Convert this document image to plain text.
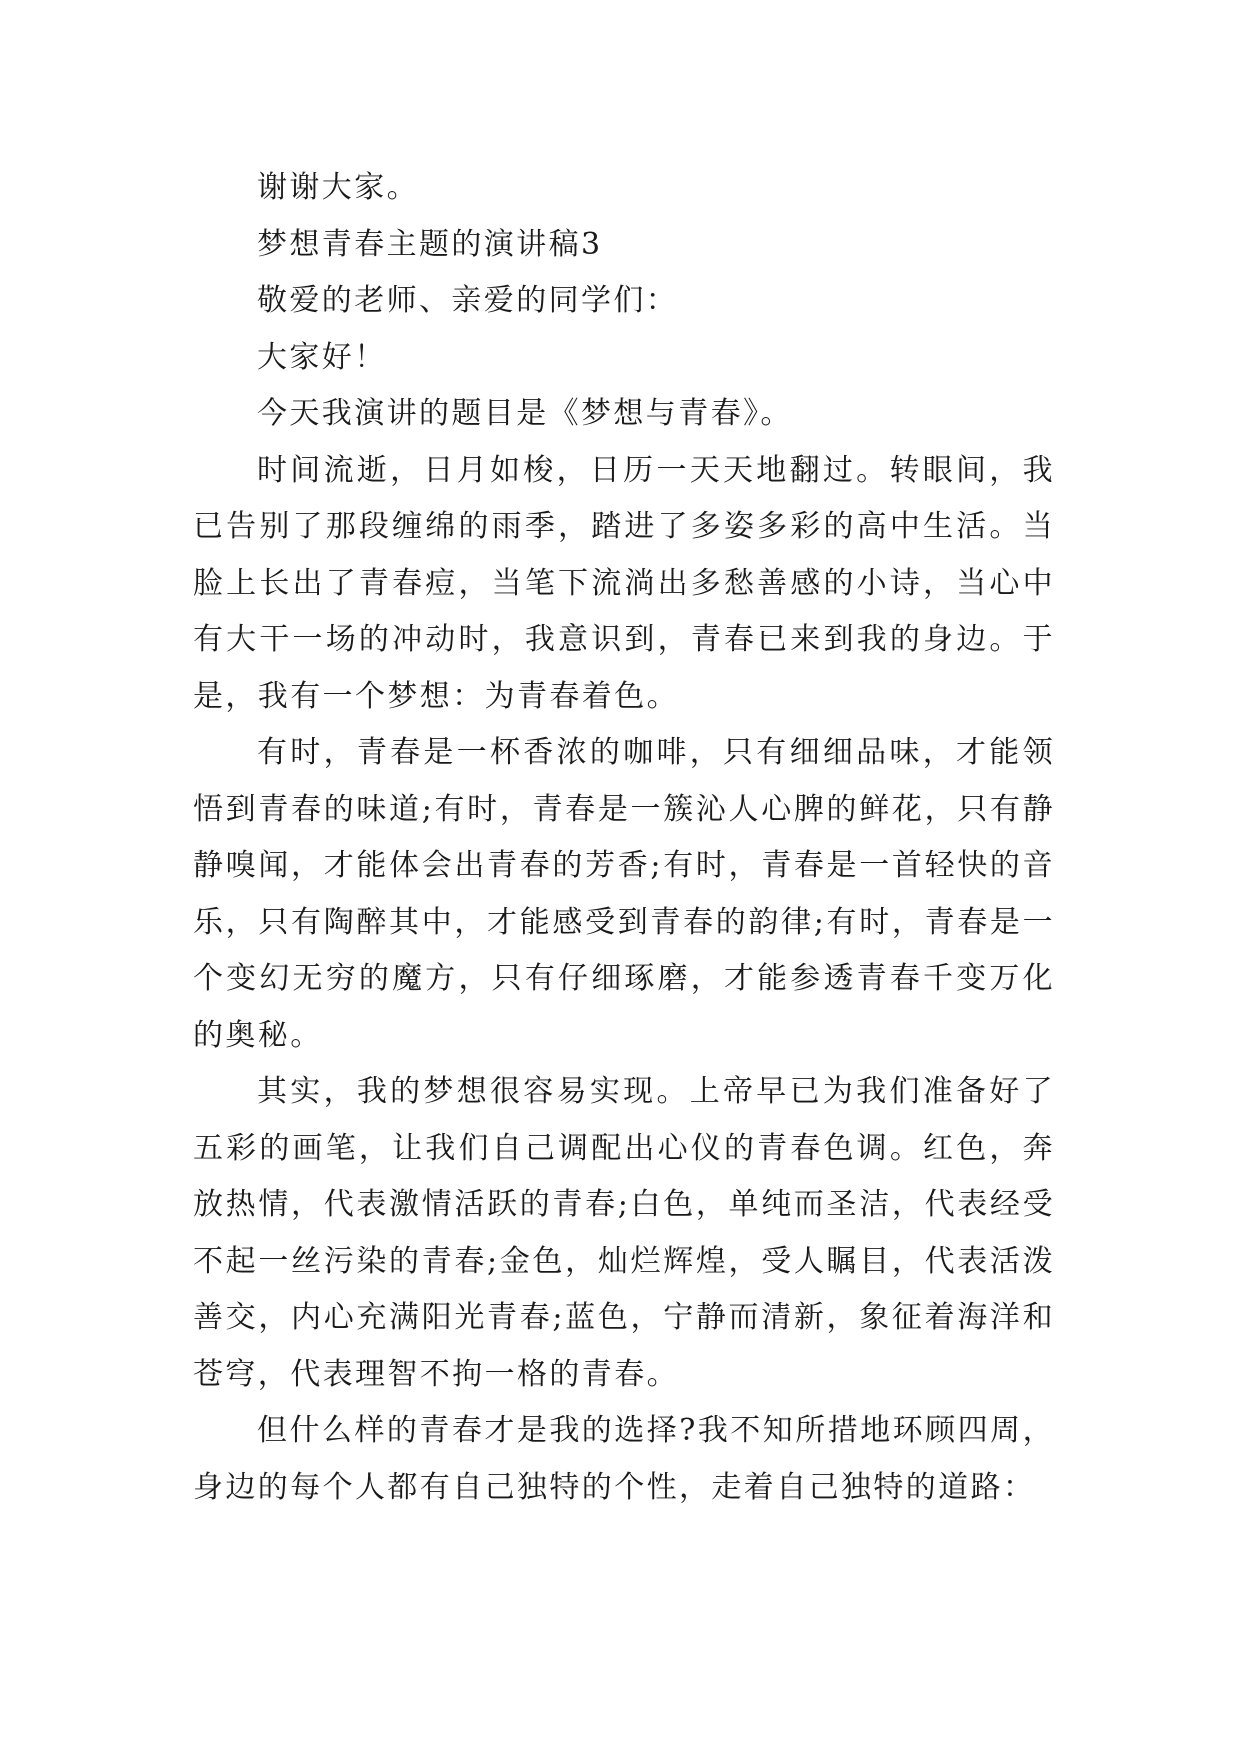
谢谢大家。

梦想青春主题的演讲稿3

敬爱的老师、亲爱的同学们：

大家好！

今天我演讲的题目是《梦想与青春》。

时间流逝，日月如梭，日历一天天地翻过。转眼间，我已告别了那段缠绵的雨季，踏进了多姿多彩的高中生活。当脸上长出了青春痘，当笔下流淌出多愁善感的小诗，当心中有大干一场的冲动时，我意识到，青春已来到我的身边。于是，我有一个梦想：为青春着色。

有时，青春是一杯香浓的咖啡，只有细细品味，才能领悟到青春的味道;有时，青春是一簇沁人心脾的鲜花，只有静静嗅闻，才能体会出青春的芳香;有时，青春是一首轻快的音乐，只有陶醉其中，才能感受到青春的韵律;有时，青春是一个变幻无穷的魔方，只有仔细琢磨，才能参透青春千变万化的奥秘。

其实，我的梦想很容易实现。上帝早已为我们准备好了五彩的画笔，让我们自己调配出心仪的青春色调。红色，奔放热情，代表激情活跃的青春;白色，单纯而圣洁，代表经受不起一丝污染的青春;金色，灿烂辉煌，受人瞩目，代表活泼善交，内心充满阳光青春;蓝色，宁静而清新，象征着海洋和苍穹，代表理智不拘一格的青春。

但什么样的青春才是我的选择?我不知所措地环顾四周，身边的每个人都有自己独特的个性，走着自己独特的道路：
